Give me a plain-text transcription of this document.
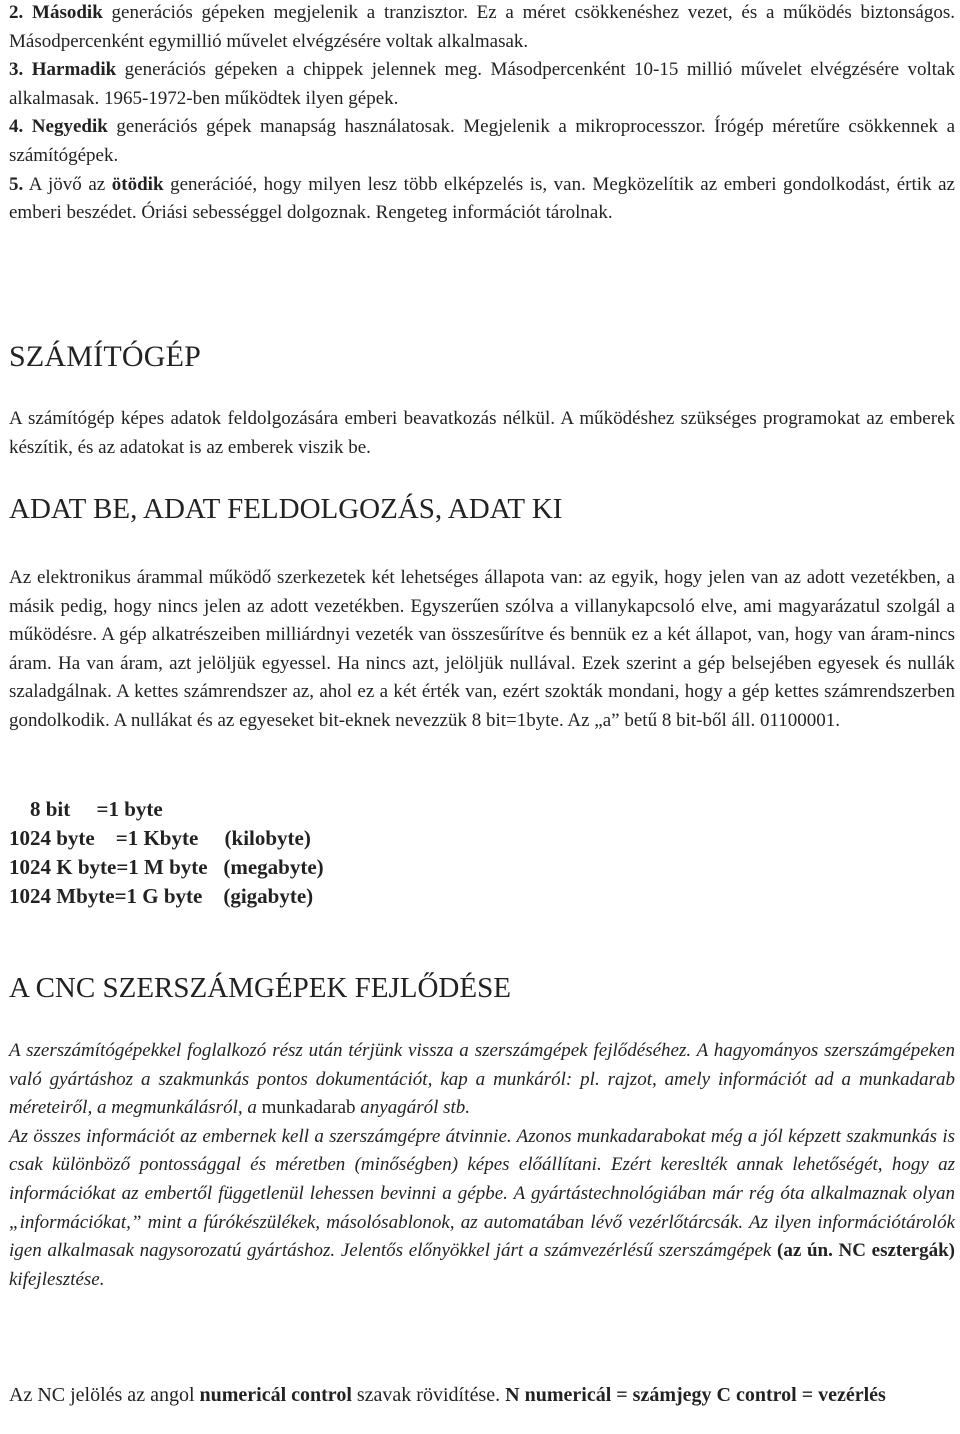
2. Második generációs gépeken megjelenik a tranzisztor. Ez a méret csökkenéshez vezet, és a működés biztonságos. Másodpercenként egymillió művelet elvégzésére voltak alkalmasak.

3. Harmadik generációs gépeken a chippek jelennek meg. Másodpercenként 10-15 millió művelet elvégzésére voltak alkalmasak. 1965-1972-ben működtek ilyen gépek.

4. Negyedik generációs gépek manapság használatosak. Megjelenik a mikroprocesszor. Írógép méretűre csökkennek a számítógépek.

5. A jövő az ötödik generációé, hogy milyen lesz több elképzelés is, van. Megközelítik az emberi gondolkodást, értik az emberi beszédet. Óriási sebességgel dolgoznak. Rengeteg információt tárolnak.

SZÁMÍTÓGÉP

A számítógép képes adatok feldolgozására emberi beavatkozás nélkül. A működéshez szükséges programokat az emberek készítik, és az adatokat is az emberek viszik be.

ADAT BE, ADAT FELDOLGOZÁS, ADAT KI

Az elektronikus árammal működő szerkezetek két lehetséges állapota van: az egyik, hogy jelen van az adott vezetékben, a másik pedig, hogy nincs jelen az adott vezetékben. Egyszerűen szólva a villanykapcsoló elve, ami magyarázatul szolgál a működésre. A gép alkatrészeiben milliárdnyi vezeték van összesűrítve és bennük ez a két állapot, van, hogy van áram-nincs áram. Ha van áram, azt jelöljük egyessel. Ha nincs azt, jelöljük nullával. Ezek szerint a gép belsejében egyesek és nullák szaladgálnak. A kettes számrendszer az, ahol ez a két érték van, ezért szokták mondani, hogy a gép kettes számrendszerben gondolkodik. A nullákat és az egyeseket bit-eknek nevezzük 8 bit=1byte. Az „a” betű 8 bit-ből áll. 01100001.

8 bit     =1 byte
1024 byte    =1 Kbyte     (kilobyte)
1024 K byte=1 M byte   (megabyte)
1024 Mbyte=1 G byte    (gigabyte)
A CNC SZERSZÁMGÉPEK FEJLŐDÉSE

A szerszámítógépekkel foglalkozó rész után térjünk vissza a szerszámgépek fejlődéséhez. A hagyományos szerszámgépeken való gyártáshoz a szakmunkás pontos dokumentációt, kap a munkáról: pl. rajzot, amely információt ad a munkadarab méreteiről, a megmunkálásról, a munkadarab anyagáról stb.

Az összes információt az embernek kell a szerszámgépre átvinnie. Azonos munkadarabokat még a jól képzett szakmunkás is csak különböző pontossággal és méretben (minőségben) képes előállítani. Ezért kereslték annak lehetőségét, hogy az információkat az embertől függetlenül lehessen bevinni a gépbe. A gyártástechnológiában már rég óta alkalmaznak olyan „információkat,” mint a fúrókészülékek, másolósablonok, az automatában lévő vezérlőtárcsák. Az ilyen információtárolók igen alkalmasak nagysorozatú gyártáshoz. Jelentős előnyökkel járt a számvezérlésű szerszámgépek (az ún. NC esztergák) kifejlesztése.

Az NC jelölés az angol numericál control szavak rövidítése. N numericál = számjegy C control = vezérlés
